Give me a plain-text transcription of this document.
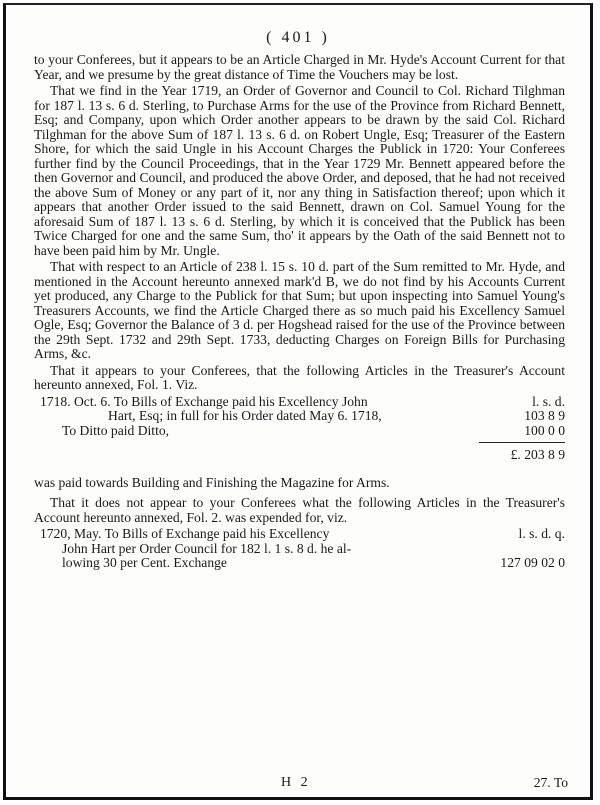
( 401 )

to your Conferees, but it appears to be an Article Charged in Mr. Hyde's Account Current for that Year, and we presume by the great distance of Time the Vouchers may be lost.

That we find in the Year 1719, an Order of Governor and Council to Col. Richard Tilghman for 187 l. 13 s. 6 d. Sterling, to Purchase Arms for the use of the Province from Richard Bennett, Esq; and Company, upon which Order another appears to be drawn by the said Col. Richard Tilghman for the above Sum of 187 l. 13 s. 6 d. on Robert Ungle, Esq; Treasurer of the Eastern Shore, for which the said Ungle in his Account Charges the Publick in 1720: Your Conferees further find by the Council Proceedings, that in the Year 1729 Mr. Bennett appeared before the then Governor and Council, and produced the above Order, and deposed, that he had not received the above Sum of Money or any part of it, nor any thing in Satisfaction thereof; upon which it appears that another Order issued to the said Bennett, drawn on Col. Samuel Young for the aforesaid Sum of 187 l. 13 s. 6 d. Sterling, by which it is conceived that the Publick has been Twice Charged for one and the same Sum, tho' it appears by the Oath of the said Bennett not to have been paid him by Mr. Ungle.

That with respect to an Article of 238 l. 15 s. 10 d. part of the Sum remitted to Mr. Hyde, and mentioned in the Account hereunto annexed mark'd B, we do not find by his Accounts Current yet produced, any Charge to the Publick for that Sum; but upon inspecting into Samuel Young's Treasurers Accounts, we find the Article Charged there as so much paid his Excellency Samuel Ogle, Esq; Governor the Balance of 3 d. per Hogshead raised for the use of the Province between the 29th Sept. 1732 and 29th Sept. 1733, deducting Charges on Foreign Bills for Purchasing Arms, &c.

That it appears to your Conferees, that the following Articles in the Treasurer's Account hereunto annexed, Fol. 1. Viz.

1718. Oct. 6. To Bills of Exchange paid his Excellency John	l. s. d.
Hart, Esq; in full for his Order dated May 6. 1718,	103 8 9
To Ditto paid Ditto,	100 0 0
£. 203 8 9

was paid towards Building and Finishing the Magazine for Arms.

That it does not appear to your Conferees what the following Articles in the Treasurer's Account hereunto annexed, Fol. 2. was expended for, viz.

1720, May. To Bills of Exchange paid his Excellency	l. s. d. q.
John Hart per Order Council for 182 l. 1 s. 8 d. he al-
lowing 30 per Cent. Exchange	127 09 02 0
H 2	27. To
